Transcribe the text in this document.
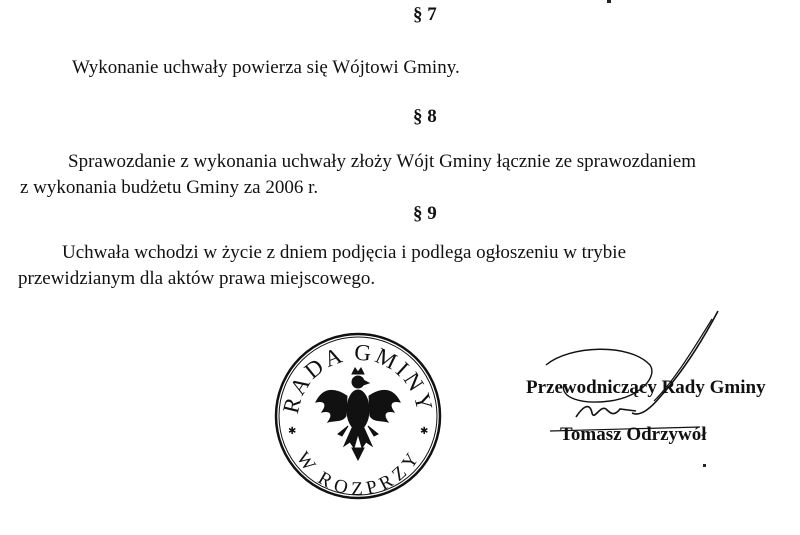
§ 7
Wykonanie uchwały powierza się Wójtowi Gminy.
§ 8
Sprawozdanie z wykonania uchwały złoży Wójt Gminy łącznie ze sprawozdaniem
z wykonania budżetu Gminy za 2006 r.
§ 9
Uchwała wchodzi w życie z dniem podjęcia i podlega ogłoszeniu w trybie
przewidzianym dla aktów prawa miejscowego.
RADA GMINY
W ROZPRZY
✱	✱
Przewodniczący Rady Gminy
Tomasz Odrzywół
